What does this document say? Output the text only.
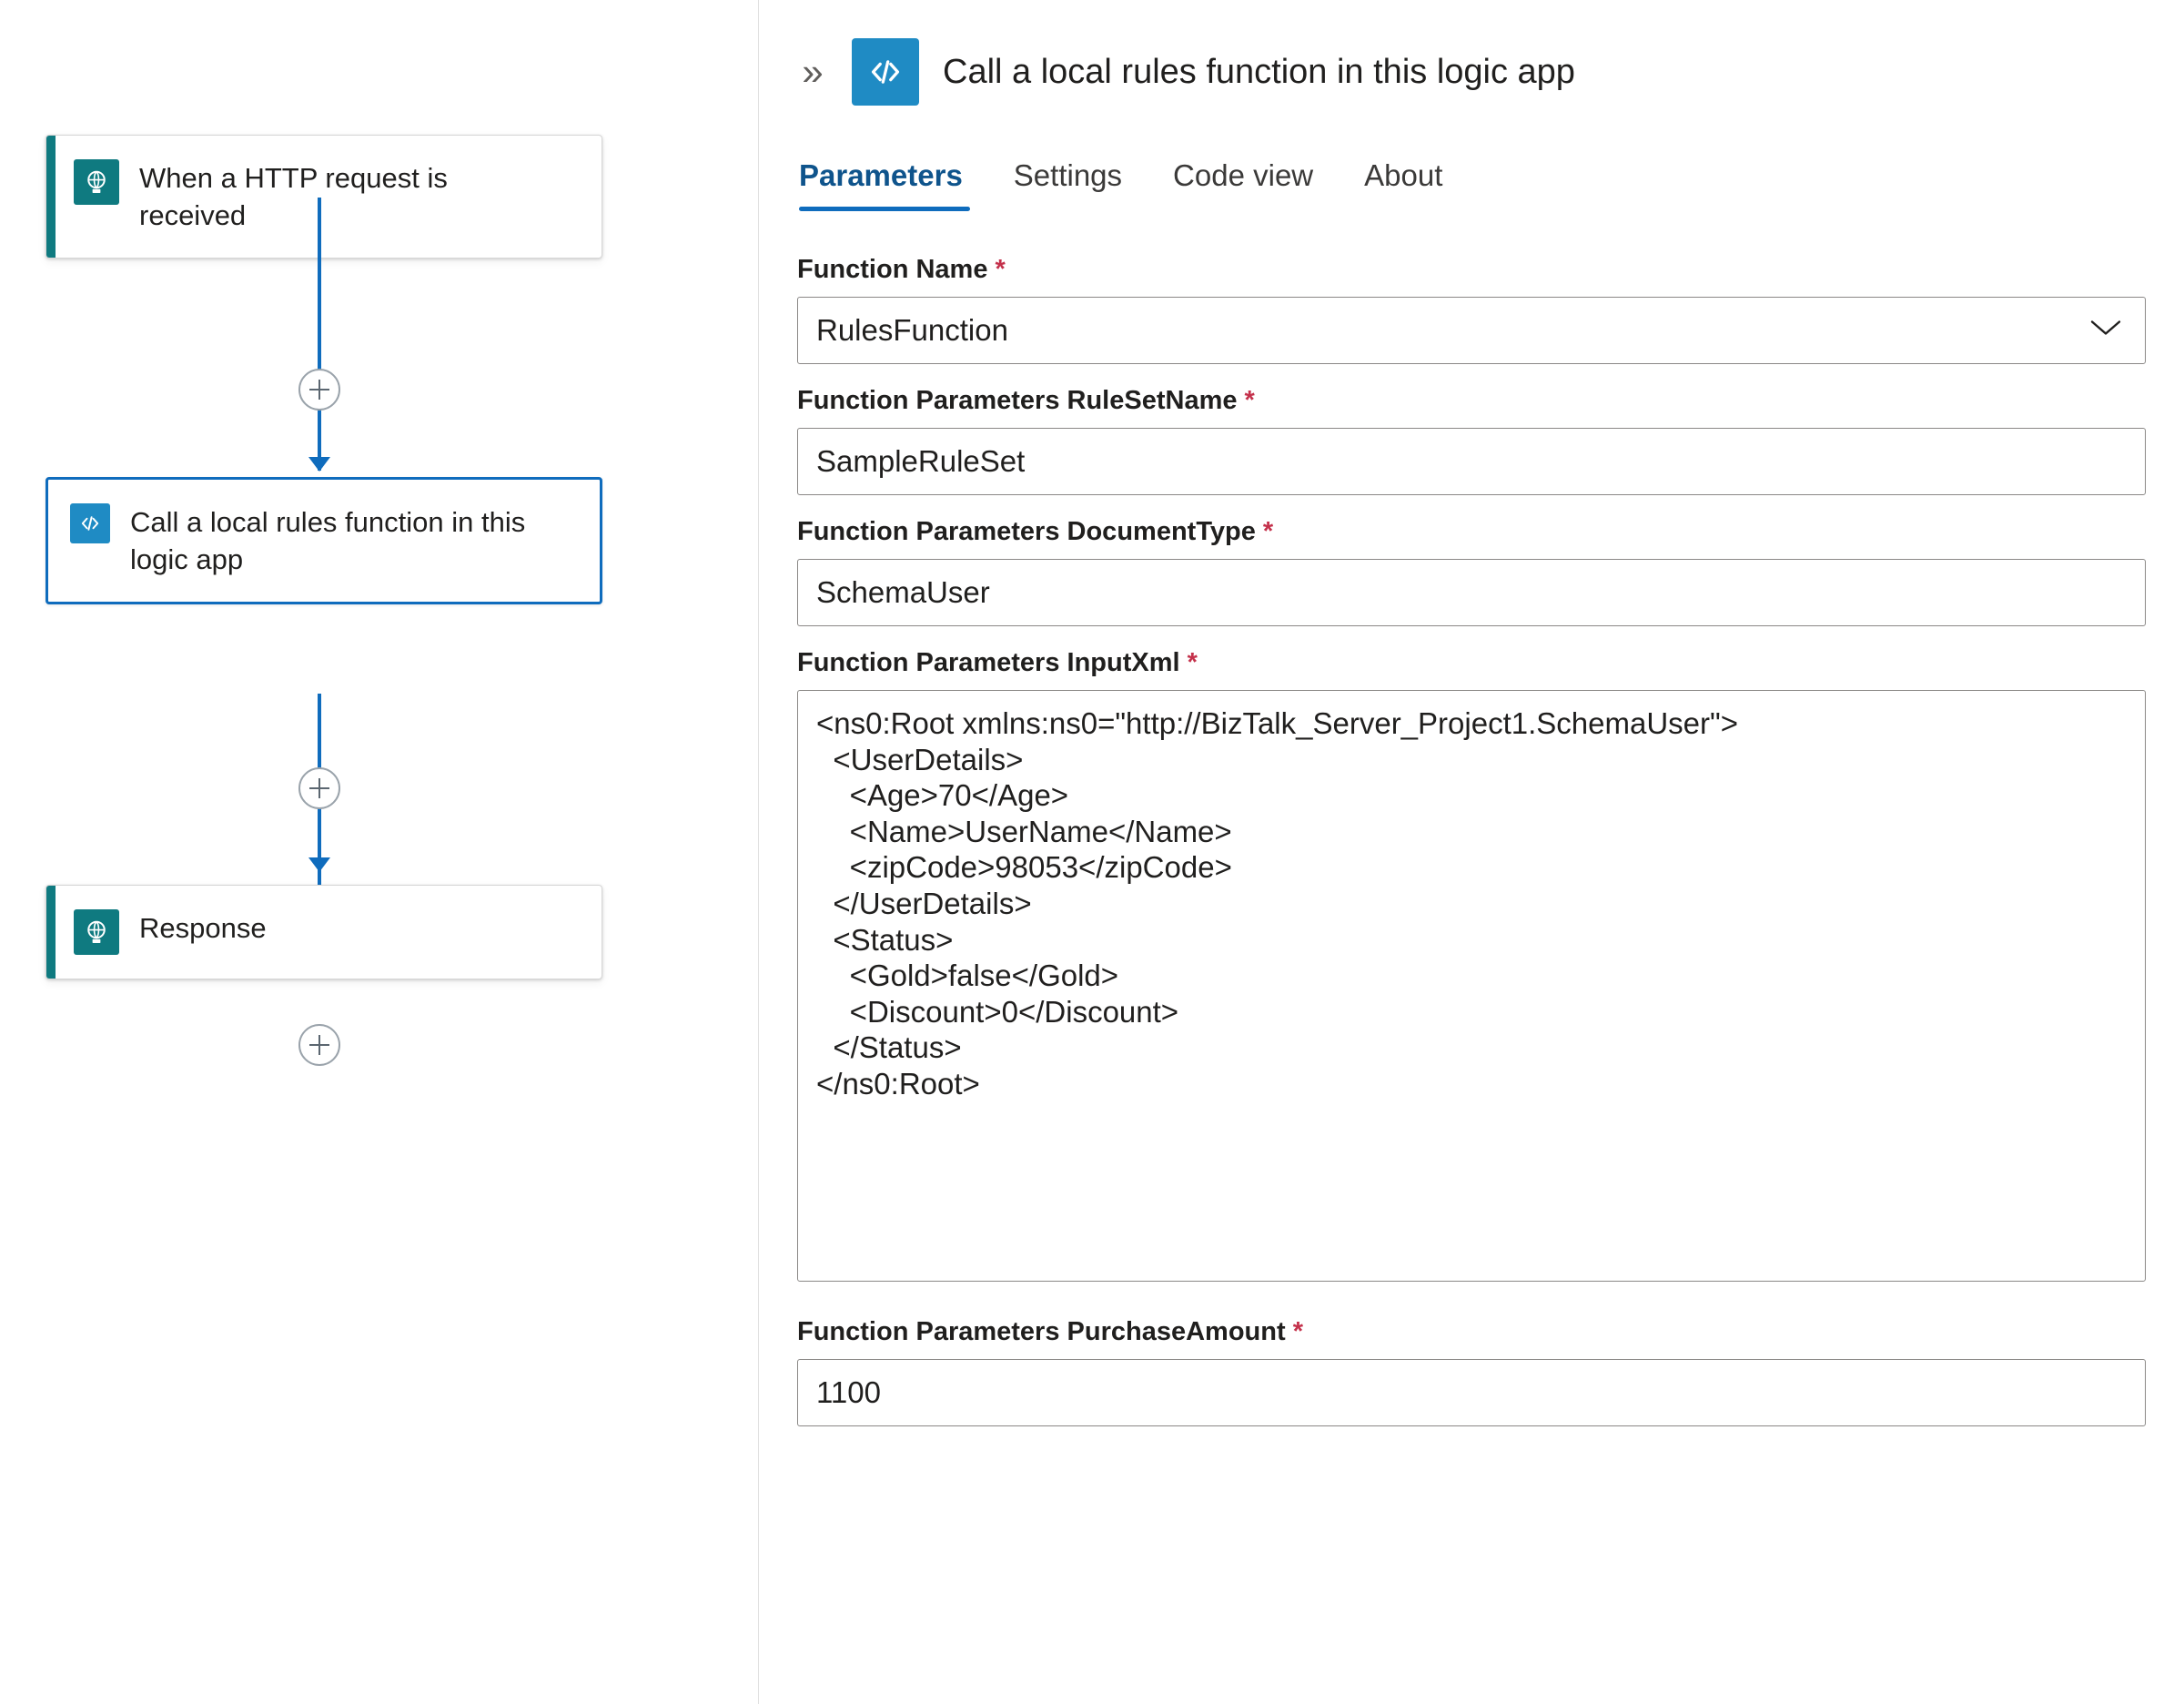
When a HTTP request is received
Call a local rules function in this logic app
Response
»	Call a local rules function in this logic app
Parameters	Settings	Code view	About
Function Name *
RulesFunction
Function Parameters RuleSetName *
SampleRuleSet
Function Parameters DocumentType *
SchemaUser
Function Parameters InputXml *
<ns0:Root xmlns:ns0="http://BizTalk_Server_Project1.SchemaUser"> <UserDetails> <Age>70</Age> <Name>UserName</Name> <zipCode>98053</zipCode> </UserDetails> <Status> <Gold>false</Gold> <Discount>0</Discount> </Status> </ns0:Root>
Function Parameters PurchaseAmount *
1100
